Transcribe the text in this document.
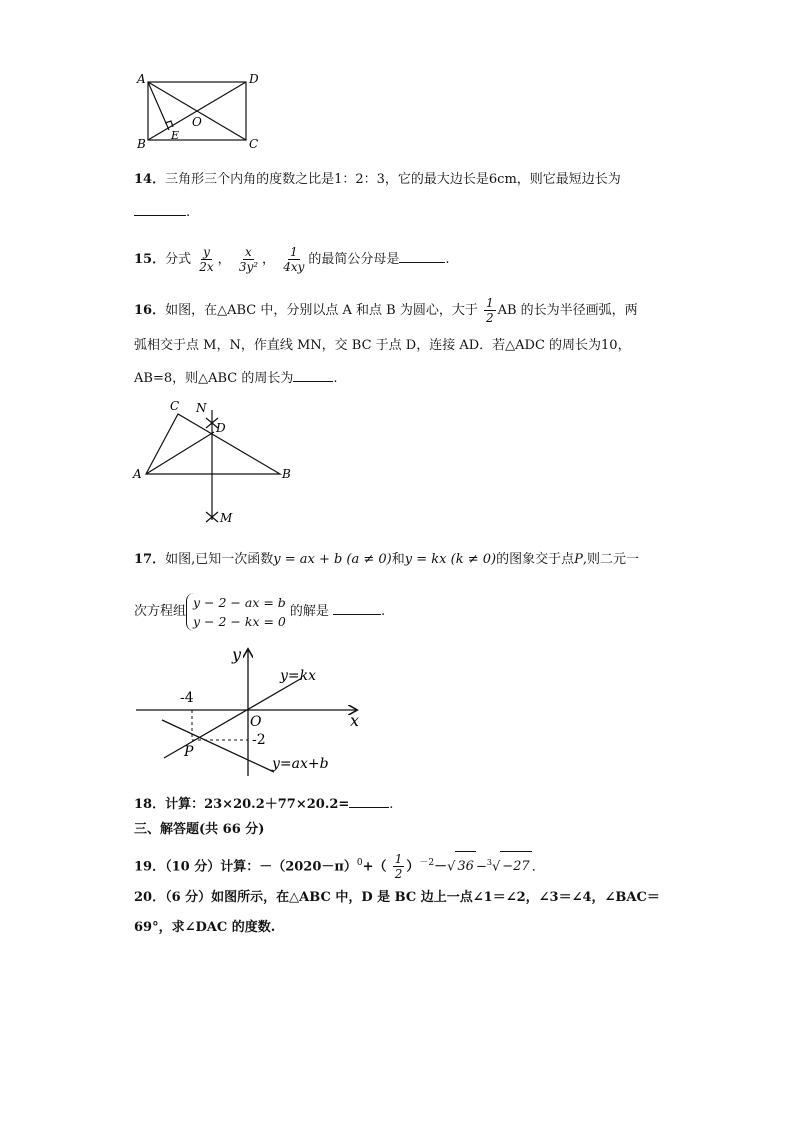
A	D
B	C
E
O
14．三角形三个内角的度数之比是1：2：3，它的最大边长是6cm，则它最短边长为
.
15．分式 $\frac{y}{2x}$ ， $\frac{x}{\text{3y²}}$ ， $\frac{1}{4xy}$ 的最简公分母是	.
16．如图，在△ABC 中，分别以点 A 和点 B 为圆心，大于 $\frac{1}{2}$ AB 的长为半径画弧，两
弧相交于点 M，N，作直线 MN，交 BC 于点 D，连接 AD．若△ADC 的周长为10，
AB=8，则△ABC 的周长为	.
C N
D
A	B
M
17．如图,已知一次函数y = ax + b (a ≠ 0)和y = kx (k ≠ 0)的图象交于点P,则二元一
次方程组y − 2 − ax = b
y − 2 − kx = 0的解是	.
y
x
O
P
y=kx
y=ax+b
-4
-2
18．计算：23×20.2＋77×20.2=	.
三、解答题(共 66 分)
19．（10 分）计算：$-(2020-\pi)^0+( \frac{1}{2} )^{-2}-√$ 36 −$^3$√ −27 ．
20．（6 分）如图所示，在△ABC 中，D 是 BC 边上一点∠1＝∠2，∠3＝∠4，∠BAC＝
69°，求∠DAC 的度数.
